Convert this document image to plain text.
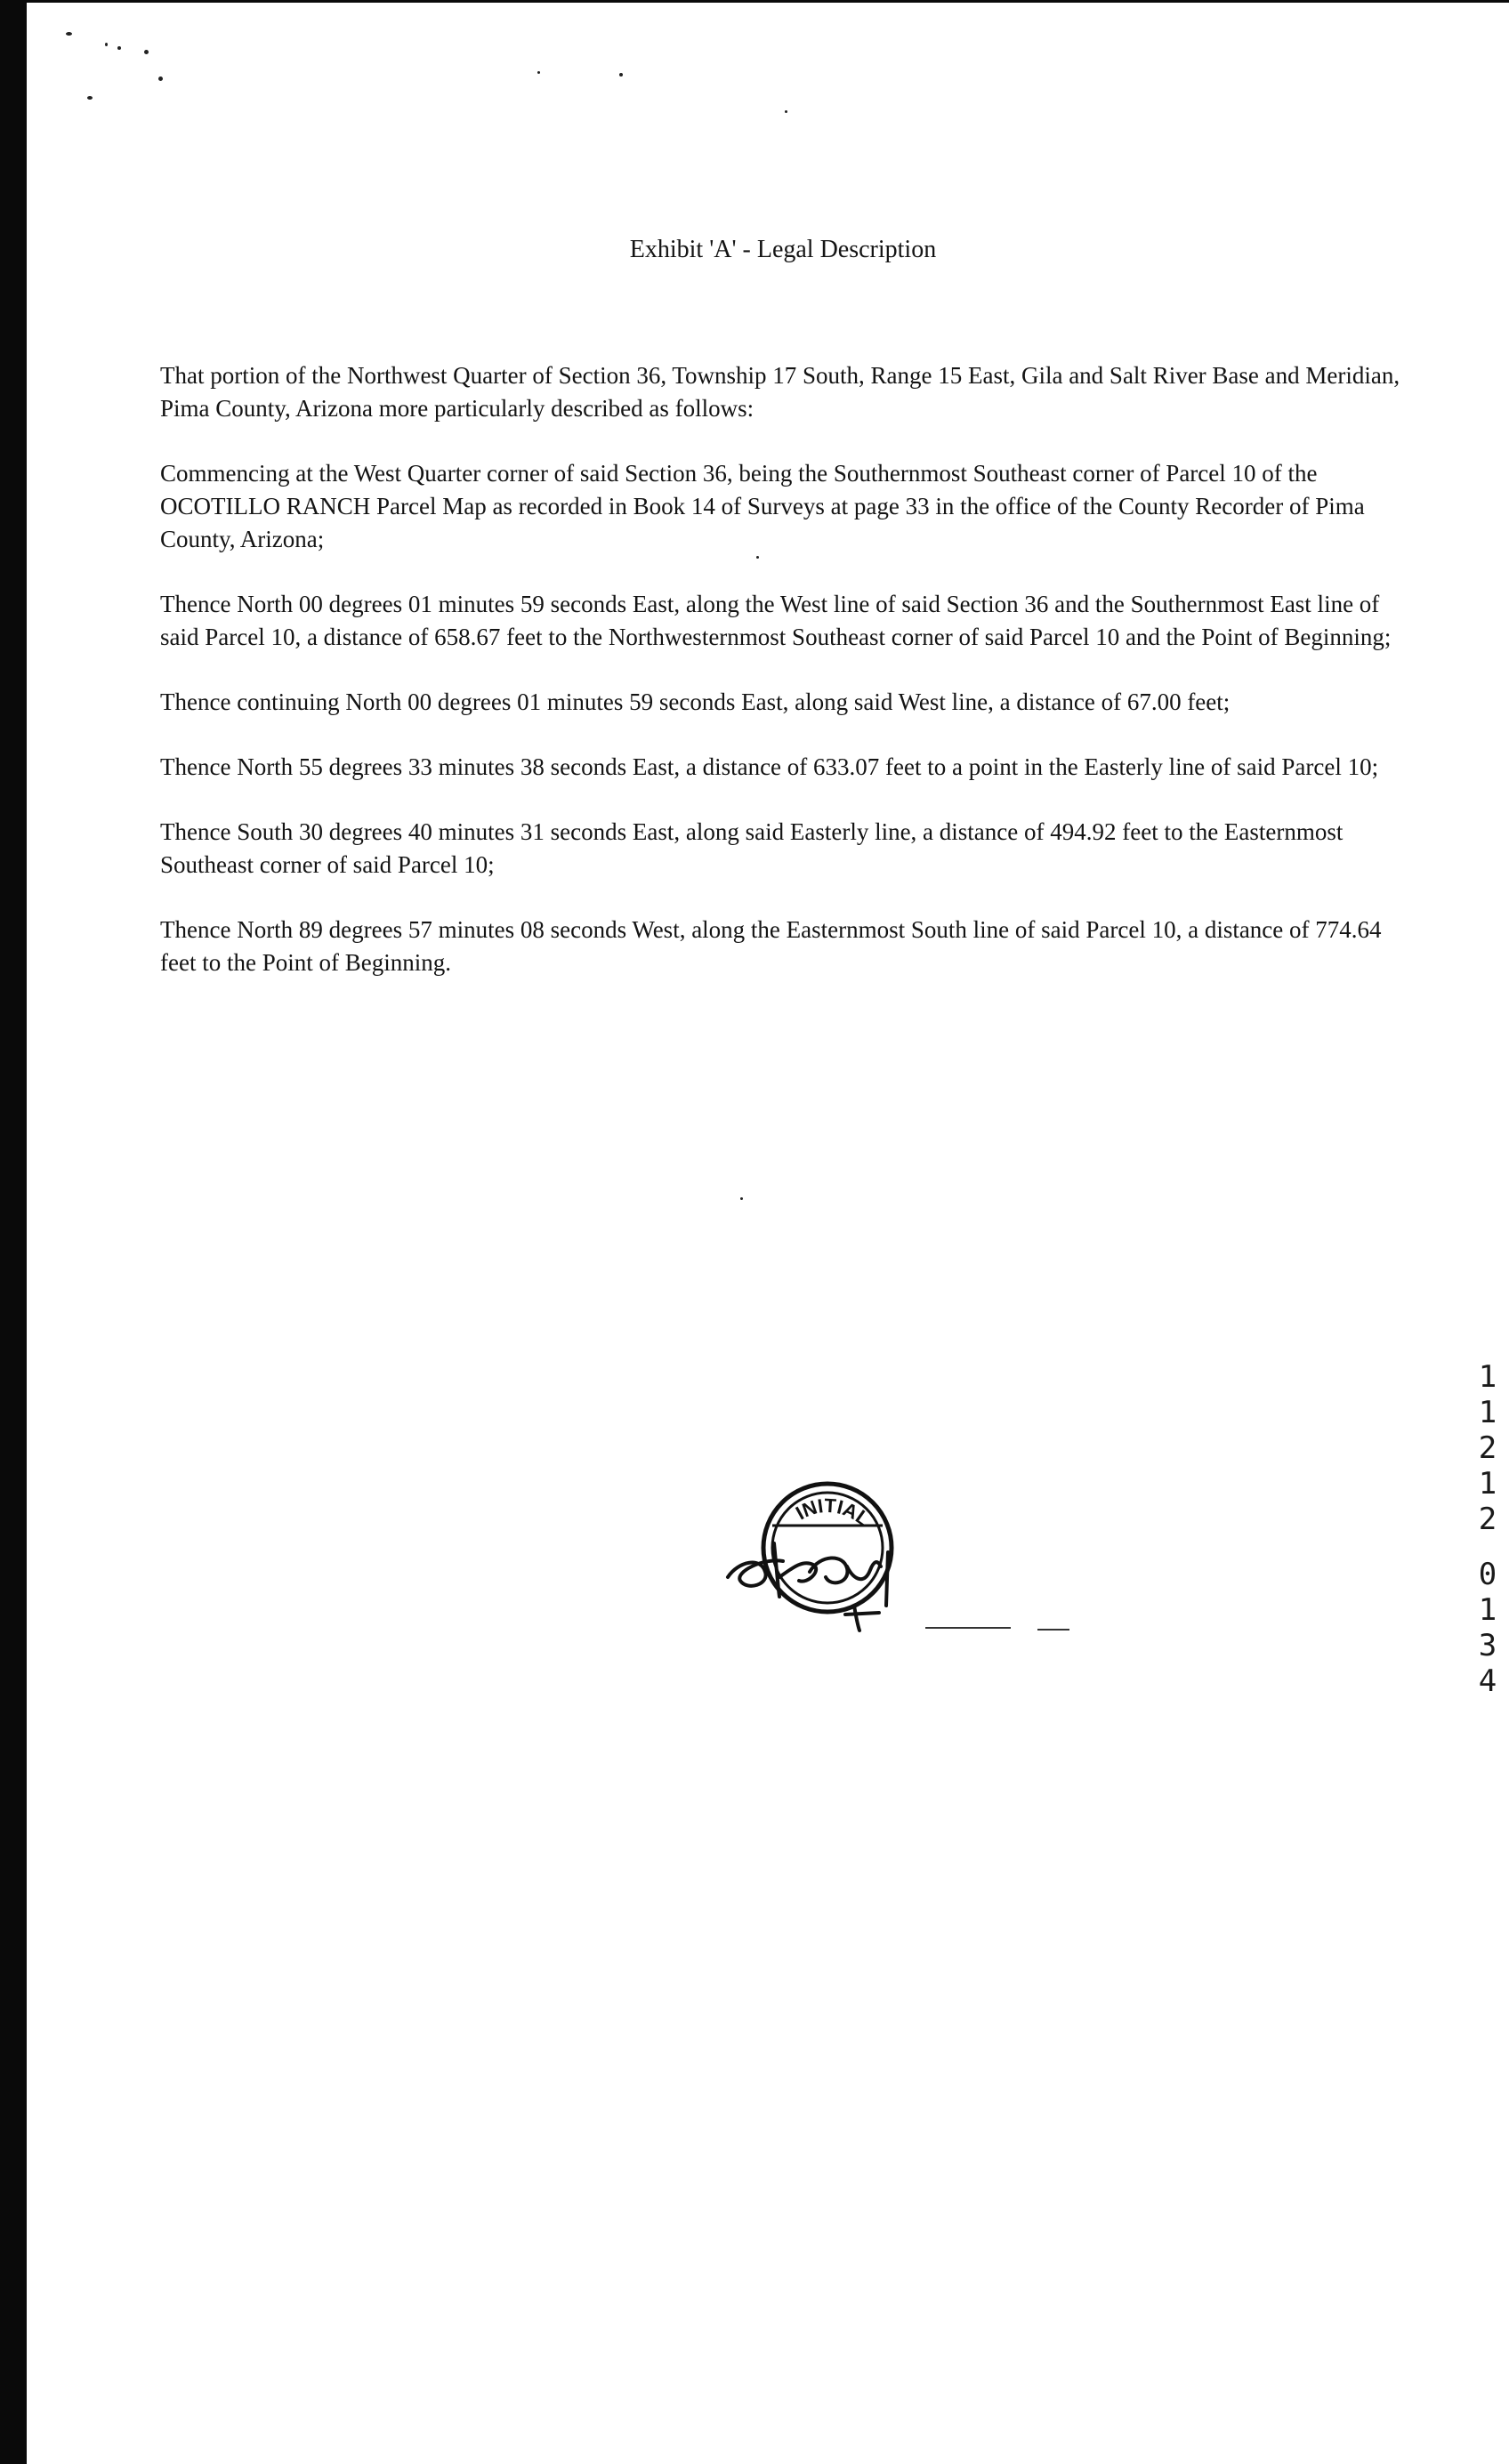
Exhibit 'A' - Legal Description

That portion of the Northwest Quarter of Section 36, Township 17 South, Range 15 East, Gila and Salt River Base and Meridian, Pima County, Arizona more particularly described as follows:

Commencing at the West Quarter corner of said Section 36, being the Southernmost Southeast corner of Parcel 10 of the OCOTILLO RANCH Parcel Map as recorded in Book 14 of Surveys at page 33 in the office of the County Recorder of Pima County, Arizona;

Thence North 00 degrees 01 minutes 59 seconds East, along the West line of said Section 36 and the Southernmost East line of said Parcel 10, a distance of 658.67 feet to the Northwesternmost Southeast corner of said Parcel 10 and the Point of Beginning;

Thence continuing North 00 degrees 01 minutes 59 seconds East, along said West line, a distance of 67.00 feet;

Thence North 55 degrees 33 minutes 38 seconds East, a distance of 633.07 feet to a point in the Easterly line of said Parcel 10;

Thence South 30 degrees 40 minutes 31 seconds East, along said Easterly line, a distance of 494.92 feet to the Easternmost Southeast corner of said Parcel 10;

Thence North 89 degrees 57 minutes 08 seconds West, along the Easternmost South line of said Parcel 10, a distance of 774.64 feet to the Point of Beginning.

INITIAL
1
1
2
1
2
0
1
3
4
